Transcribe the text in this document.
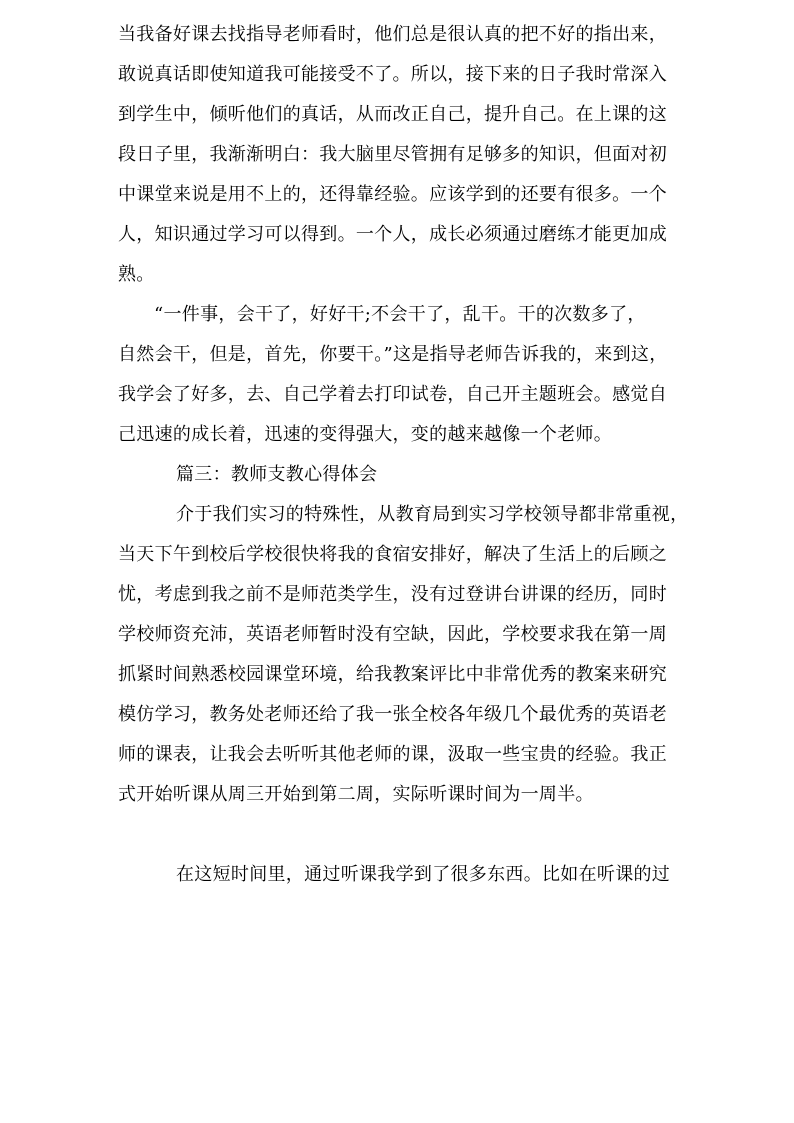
当我备好课去找指导老师看时，他们总是很认真的把不好的指出来，
敢说真话即使知道我可能接受不了。所以，接下来的日子我时常深入
到学生中，倾听他们的真话，从而改正自己，提升自己。在上课的这
段日子里，我渐渐明白：我大脑里尽管拥有足够多的知识，但面对初
中课堂来说是用不上的，还得靠经验。应该学到的还要有很多。一个
人，知识通过学习可以得到。一个人，成长必须通过磨练才能更加成
熟。
“一件事，会干了，好好干;不会干了，乱干。干的次数多了，
自然会干，但是，首先，你要干。”这是指导老师告诉我的，来到这，
我学会了好多，去、自己学着去打印试卷，自己开主题班会。感觉自
己迅速的成长着，迅速的变得强大，变的越来越像一个老师。
篇三：教师支教心得体会
介于我们实习的特殊性，从教育局到实习学校领导都非常重视，
当天下午到校后学校很快将我的食宿安排好，解决了生活上的后顾之
忧，考虑到我之前不是师范类学生，没有过登讲台讲课的经历，同时
学校师资充沛，英语老师暂时没有空缺，因此，学校要求我在第一周
抓紧时间熟悉校园课堂环境，给我教案评比中非常优秀的教案来研究
模仿学习，教务处老师还给了我一张全校各年级几个最优秀的英语老
师的课表，让我会去听听其他老师的课，汲取一些宝贵的经验。我正
式开始听课从周三开始到第二周，实际听课时间为一周半。
在这短时间里，通过听课我学到了很多东西。比如在听课的过
